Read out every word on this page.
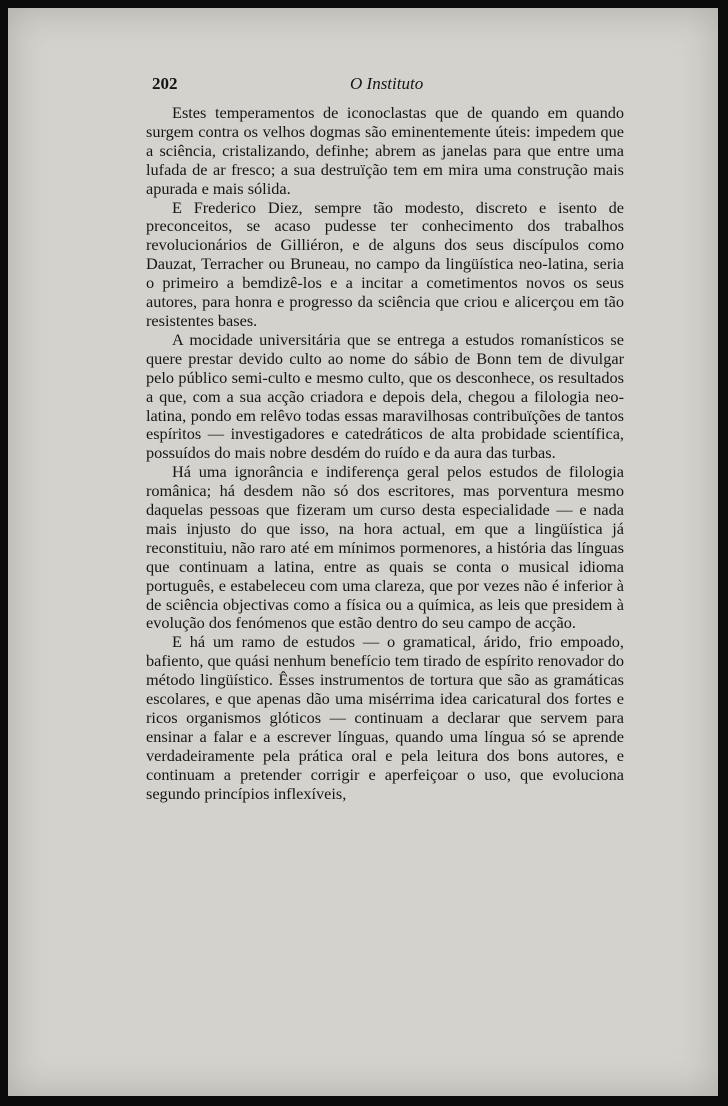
202	O Instituto

Estes temperamentos de iconoclastas que de quando em quando surgem contra os velhos dogmas são eminentemente úteis: impedem que a sciência, cristalizando, definhe; abrem as janelas para que entre uma lufada de ar fresco; a sua destruïção tem em mira uma construção mais apurada e mais sólida.

E Frederico Diez, sempre tão modesto, discreto e isento de preconceitos, se acaso pudesse ter conhecimento dos trabalhos revolucionários de Gilliéron, e de alguns dos seus discípulos como Dauzat, Terracher ou Bruneau, no campo da lingüística neo-latina, seria o primeiro a bemdizê-los e a incitar a cometimentos novos os seus autores, para honra e progresso da sciência que criou e alicerçou em tão resistentes bases.

A mocidade universitária que se entrega a estudos romanísticos se quere prestar devido culto ao nome do sábio de Bonn tem de divulgar pelo público semi-culto e mesmo culto, que os desconhece, os resultados a que, com a sua acção criadora e depois dela, chegou a filologia neo-latina, pondo em relêvo todas essas maravilhosas contribuïções de tantos espíritos — investigadores e catedráticos de alta probidade scientífica, possuídos do mais nobre desdém do ruído e da aura das turbas.

Há uma ignorância e indiferença geral pelos estudos de filologia românica; há desdem não só dos escritores, mas porventura mesmo daquelas pessoas que fizeram um curso desta especialidade — e nada mais injusto do que isso, na hora actual, em que a lingüística já reconstituiu, não raro até em mínimos pormenores, a história das línguas que continuam a latina, entre as quais se conta o musical idioma português, e estabeleceu com uma clareza, que por vezes não é inferior à de sciência objectivas como a física ou a química, as leis que presidem à evolução dos fenómenos que estão dentro do seu campo de acção.

E há um ramo de estudos — o gramatical, árido, frio empoado, bafiento, que quási nenhum benefício tem tirado de espírito renovador do método lingüístico. Êsses instrumentos de tortura que são as gramáticas escolares, e que apenas dão uma misérrima idea caricatural dos fortes e ricos organismos glóticos — continuam a declarar que servem para ensinar a falar e a escrever línguas, quando uma língua só se aprende verdadeiramente pela prática oral e pela leitura dos bons autores, e continuam a pretender corrigir e aperfeiçoar o uso, que evoluciona segundo princípios inflexíveis,
